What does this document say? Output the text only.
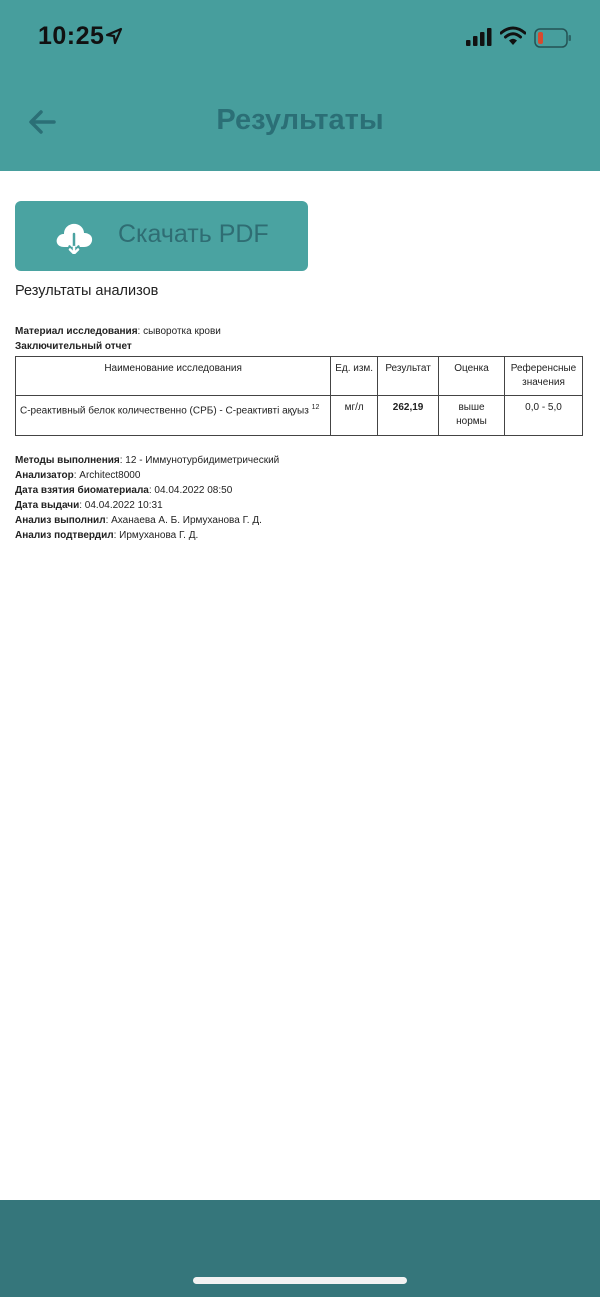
10:25
Результаты
Скачать PDF
Результаты анализов
Материал исследования: сыворотка крови
Заключительный отчет
Наименование исследования	Ед. изм.	Результат	Оценка	Референсные значения
С-реактивный белок количественно (СРБ) - С-реактивті ақуыз $^{12}$	мг/л	262,19	выше нормы	0,0 - 5,0
Методы выполнения: 12 - Иммунотурбидиметрический
Анализатор: Architect8000
Дата взятия биоматериала: 04.04.2022 08:50
Дата выдачи: 04.04.2022 10:31
Анализ выполнил: Аханаева А. Б. Ирмуханова Г. Д.
Анализ подтвердил: Ирмуханова Г. Д.
